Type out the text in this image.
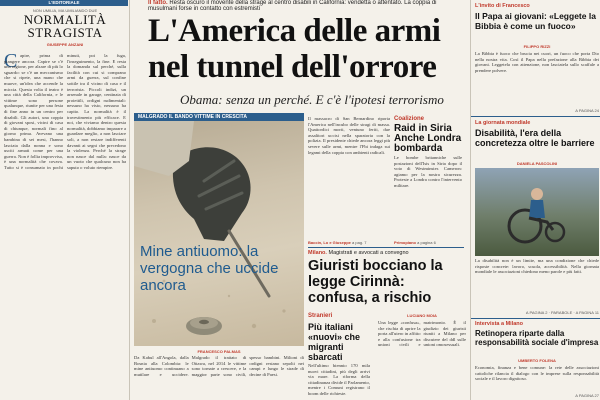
L'EDITORIALE
NON UMILIA, MA UMILIANDO DUE
NORMALITÀ STRAGISTA
GIUSEPPE ANZANI
C apire, prima di piangere ancora. Capire se c'è una ragione, per alzare di più lo sguardo: se c'è un meccanismo che si ripete, una mano che muove, un'idea che accende la miccia. Questa volta il teatro è una città della California, e le vittime sono persone qualunque, riunite per una festa di fine anno in un centro per disabili. Gli autori, una coppia di giovani sposi, vicini di casa di chiunque, normali fino al giorno prima. Avevano una bambina di sei mesi, l'hanno lasciata dalla nonna e sono usciti armati come per una guerra. Non è follia improvvisa, è una normalità che covava. Tutto si è consumato in pochi minuti, poi la fuga, l'inseguimento, la fine. E resta la domanda sul perché, sulla facilità con cui si comprano armi da guerra, sul confine sottile tra il vicino di casa e il terrorista. Piccoli indizi, un arsenale in garage, centinaia di proiettili, ordigni rudimentali: nessuno ha visto, nessuno ha capito. La normalità è il travestimento più efficace. E noi, che viviamo dentro questa normalità, dobbiamo imparare a guardare meglio, a non lasciare soli, a non restare indifferenti davanti ai segni che precedono la violenza. Perché la strage non nasce dal nulla: nasce da un vuoto che qualcuno non ha saputo o voluto riempire.
Il fatto. Resta oscuro il movente della strage al centro disabili in California: vendetta o attentato. La coppia di musulmani forse in contatto con estremisti
L'America delle armi
nel tunnel dell'orrore
Obama: senza un perché. E c'è l'ipotesi terrorismo
MALGRADO IL BANDO VITTIME IN CRESCITA
Mine antiuomo: la vergogna che uccide ancora
FRANCESCO PALMAS
Da Kabul all'Angola, dalla Bosnia alla Colombia: le mine antiuomo continuano a mutilare e uccidere. Malgrado il trattato di Ottawa, nel 2014 le vittime sono tornate a crescere, e la maggior parte sono civili, spesso bambini. Milioni di ordigni restano sepolti nei campi e lungo le strade di decine di Paesi.
Il massacro di San Bernardino riporta l'America nell'incubo delle stragi di massa. Quattordici morti, ventuno feriti, due assalitori uccisi nella sparatoria con la polizia. Il presidente chiede ancora leggi più severe sulle armi, mentre l'Fbi indaga sui legami della coppia con ambienti radicali.
Baccin, Lo e Giuseppe a pag. 7
Coalizione
Raid in Siria Anche Londra bombarda
Le bombe britanniche sulle postazioni dell'Isis in Siria dopo il voto di Westminster. Cameron: agiamo per la nostra sicurezza. Proteste a Londra contro l'intervento militare.
Primopiano a pagina 6
Milano. Magistrati e avvocati a convegno
Giuristi bocciano la legge Cirinnà: confusa, a rischio
Stranieri
Più italiani «nuovi» che migranti sbarcati
Nell'ultimo biennio 170 mila nuovi cittadini, più degli arrivi via mare. La riforma della cittadinanza divide il Parlamento, mentre i Comuni registrano il boom delle richieste.
LUCIANO MOIA
Una legge «confusa», che rischia di aprire la porta all'utero in affitto e alla confusione tra unioni civili e matrimonio. È il giudizio dei giuristi riuniti a Milano per discutere del ddl sulle unioni omosessuali.
L'invito di Francesco
Il Papa ai giovani: «Leggete la Bibbia è come un fuoco»
FILIPPO RIZZI
La Bibbia è fuoco che brucia nei cuori, un fuoco che porta Dio nella nostra vita. Così il Papa nella prefazione alla Bibbia dei giovani. Leggetela con attenzione, non lasciatela sullo scaffale a prendere polvere.
A PAGINA 24
La giornata mondiale
Disabilità, l'era della concretezza oltre le barriere
DANIELA PASCOLINI
La disabilità non è un limite, ma una condizione che chiede risposte concrete: lavoro, scuola, accessibilità. Nella giornata mondiale le associazioni chiedono meno parole e più fatti.
A PAGINA 2 · PARABOLE · A PAGINA 11
Intervista a Milano
Retinopera riparte dalla responsabilità sociale d'impresa
UMBERTO FOLENA
Economia, finanza e bene comune: la rete delle associazioni cattoliche rilancia il dialogo con le imprese sulla responsabilità sociale e il lavoro dignitoso.
A PAGINA 27
